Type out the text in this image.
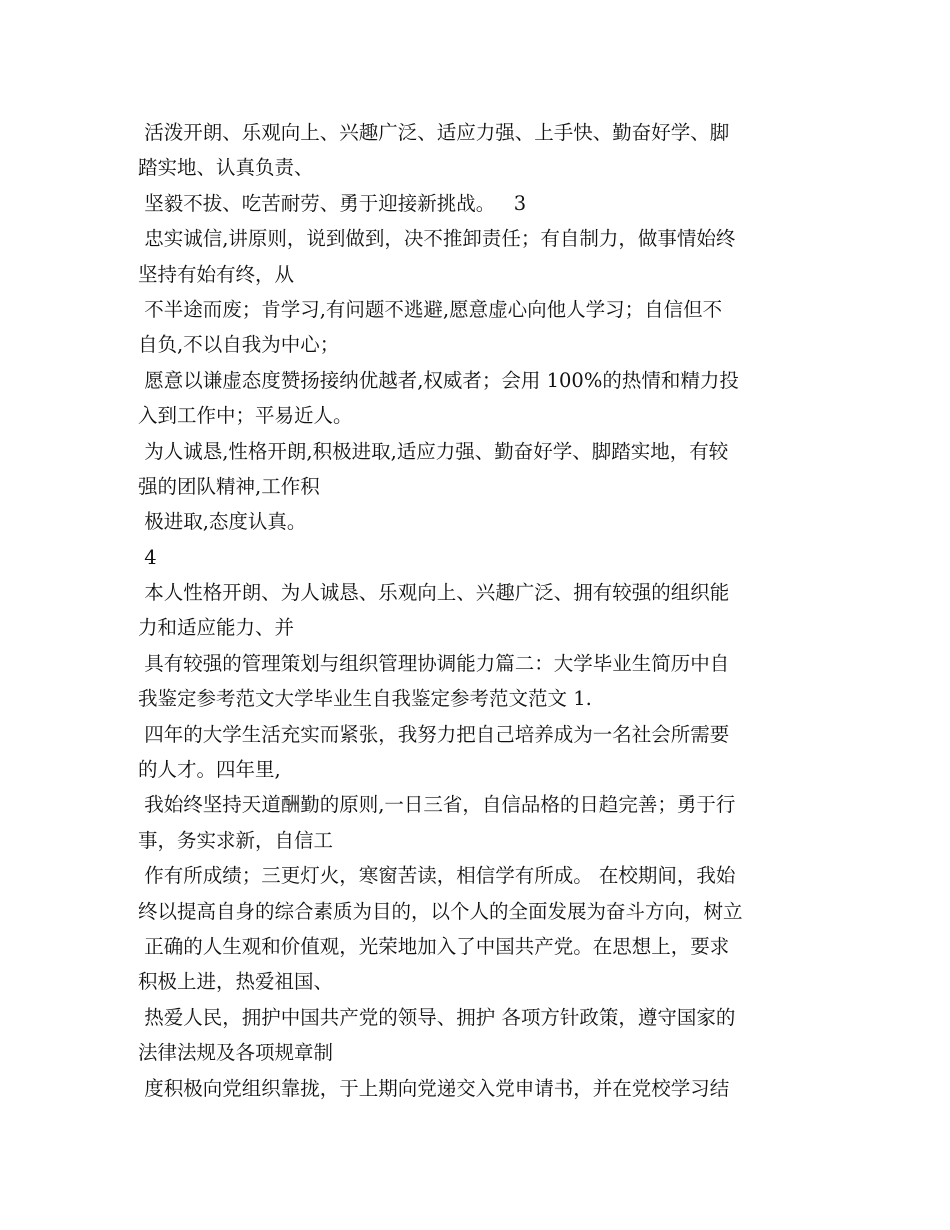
活泼开朗、乐观向上、兴趣广泛、适应力强、上手快、勤奋好学、脚
踏实地、认真负责、
坚毅不拔、吃苦耐劳、勇于迎接新挑战。   3
忠实诚信,讲原则，说到做到，决不推卸责任；有自制力，做事情始终
坚持有始有终，从
不半途而废；肯学习,有问题不逃避,愿意虚心向他人学习；自信但不
自负,不以自我为中心；
愿意以谦虚态度赞扬接纳优越者,权威者；会用 100%的热情和精力投
入到工作中；平易近人。
为人诚恳,性格开朗,积极进取,适应力强、勤奋好学、脚踏实地，有较
强的团队精神,工作积
极进取,态度认真。
4
本人性格开朗、为人诚恳、乐观向上、兴趣广泛、拥有较强的组织能
力和适应能力、并
具有较强的管理策划与组织管理协调能力篇二：大学毕业生简历中自
我鉴定参考范文大学毕业生自我鉴定参考范文范文 1.
四年的大学生活充实而紧张，我努力把自己培养成为一名社会所需要
的人才。四年里,
我始终坚持天道酬勤的原则,一日三省，自信品格的日趋完善；勇于行
事，务实求新，自信工
作有所成绩；三更灯火，寒窗苦读，相信学有所成。 在校期间，我始
终以提高自身的综合素质为目的，以个人的全面发展为奋斗方向，树立
正确的人生观和价值观，光荣地加入了中国共产党。在思想上，要求
积极上进，热爱祖国、
热爱人民，拥护中国共产党的领导、拥护 各项方针政策，遵守国家的
法律法规及各项规章制
度积极向党组织靠拢，于上期向党递交入党申请书，并在党校学习结
